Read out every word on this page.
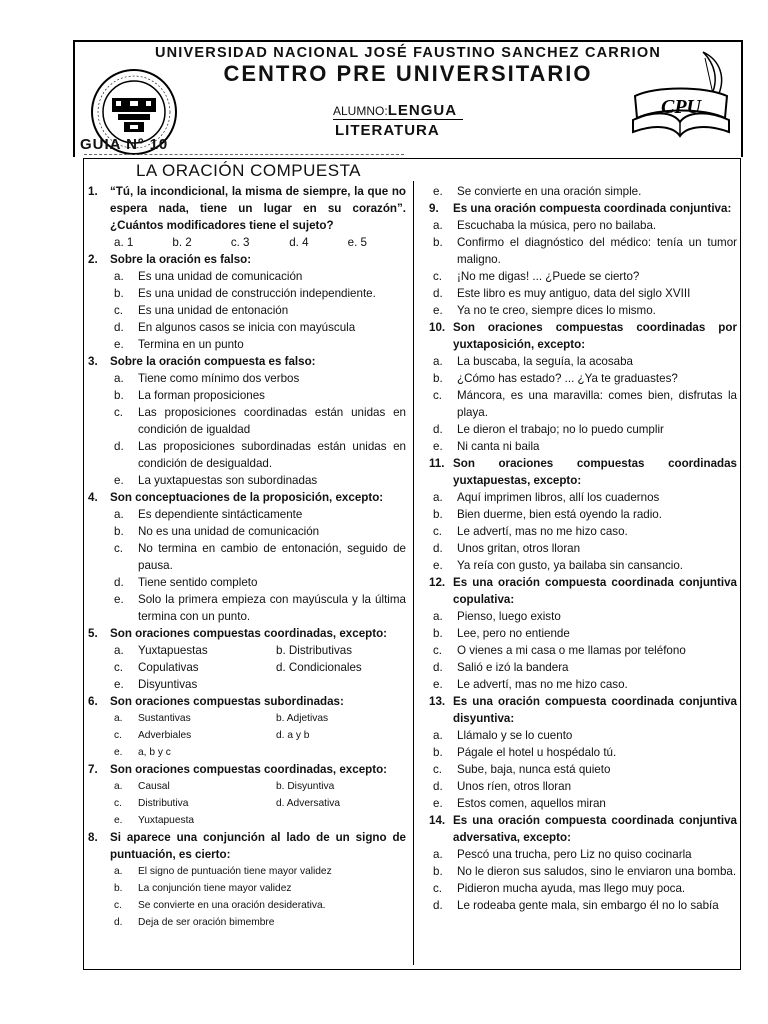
UNIVERSIDAD NACIONAL JOSÉ FAUSTINO SANCHEZ CARRION
CENTRO PRE UNIVERSITARIO
ALUMNO:LENGUA
LITERATURA
CPU
GUIA Nº 10
LA ORACIÓN COMPUESTA
1.	“Tú, la incondicional, la misma de siempre, la que no espera nada, tiene un lugar en su corazón”. ¿Cuántos modificadores tiene el sujeto?
a. 1	b. 2	c. 3	d. 4	e. 5
2.	Sobre la oración es falso:
a.	Es una unidad de comunicación
b.	Es una unidad de construcción independiente.
c.	Es una unidad de entonación
d.	En algunos casos se inicia con mayúscula
e.	Termina en un punto
3.	Sobre la oración compuesta es falso:
a.	Tiene como mínimo dos verbos
b.	La forman proposiciones
c.	Las proposiciones coordinadas están unidas en condición de igualdad
d.	Las proposiciones subordinadas están unidas en condición de desigualdad.
e.	La yuxtapuestas son subordinadas
4.	Son conceptuaciones de la proposición, excepto:
a.	Es dependiente sintácticamente
b.	No es una unidad de comunicación
c.	No termina en cambio de entonación, seguido de pausa.
d.	Tiene sentido completo
e.	Solo la primera empieza con mayúscula y la última termina con un punto.
5.	Son oraciones compuestas coordinadas, excepto:
a.	Yuxtapuestas	b. Distributivas
c.	Copulativas	d. Condicionales
e.	Disyuntivas
6.	Son oraciones compuestas subordinadas:
a.	Sustantivas	b. Adjetivas
c.	Adverbiales	d. a y b
e.	a, b y c
7.	Son oraciones compuestas coordinadas, excepto:
a.	Causal	b. Disyuntiva
c.	Distributiva	d. Adversativa
e.	Yuxtapuesta
8.	Si aparece una conjunción al lado de un signo de puntuación, es cierto:
a.	El signo de puntuación tiene mayor validez
b.	La conjunción tiene mayor validez
c.	Se convierte en una oración desiderativa.
d.	Deja de ser oración bimembre
e.	Se convierte en una oración simple.
9.	Es una oración compuesta coordinada conjuntiva:
a.	Escuchaba la música, pero no bailaba.
b.	Confirmo el diagnóstico del médico: tenía un tumor maligno.
c.	¡No me digas! ... ¿Puede se cierto?
d.	Este libro es muy antiguo, data del siglo XVIII
e.	Ya no te creo, siempre dices lo mismo.
10. Son oraciones compuestas coordinadas por yuxtaposición, excepto:
a.	La buscaba, la seguía, la acosaba
b.	¿Cómo has estado? ... ¿Ya te graduastes?
c.	Máncora, es una maravilla: comes bien, disfrutas la playa.
d.	Le dieron el trabajo; no lo puedo cumplir
e.	Ni canta ni baila
11. Son oraciones compuestas coordinadas yuxtapuestas, excepto:
a.	Aquí imprimen libros, allí los cuadernos
b.	Bien duerme, bien está oyendo la radio.
c.	Le advertí, mas no me hizo caso.
d.	Unos gritan, otros lloran
e.	Ya reía con gusto, ya bailaba sin cansancio.
12. Es una oración compuesta coordinada conjuntiva copulativa:
a.	Pienso, luego existo
b.	Lee, pero no entiende
c.	O vienes a mi casa o me llamas por teléfono
d.	Salió e izó la bandera
e.	Le advertí, mas no me hizo caso.
13. Es una oración compuesta coordinada conjuntiva disyuntiva:
a.	Llámalo y se lo cuento
b.	Págale el hotel u hospédalo tú.
c.	Sube, baja, nunca está quieto
d.	Unos ríen, otros lloran
e.	Estos comen, aquellos miran
14. Es una oración compuesta coordinada conjuntiva adversativa, excepto:
a.	Pescó una trucha, pero Liz no quiso cocinarla
b.	No le dieron sus saludos, sino le enviaron una bomba.
c.	Pidieron mucha ayuda, mas llego muy poca.
d.	Le rodeaba gente mala, sin embargo él no lo sabía
